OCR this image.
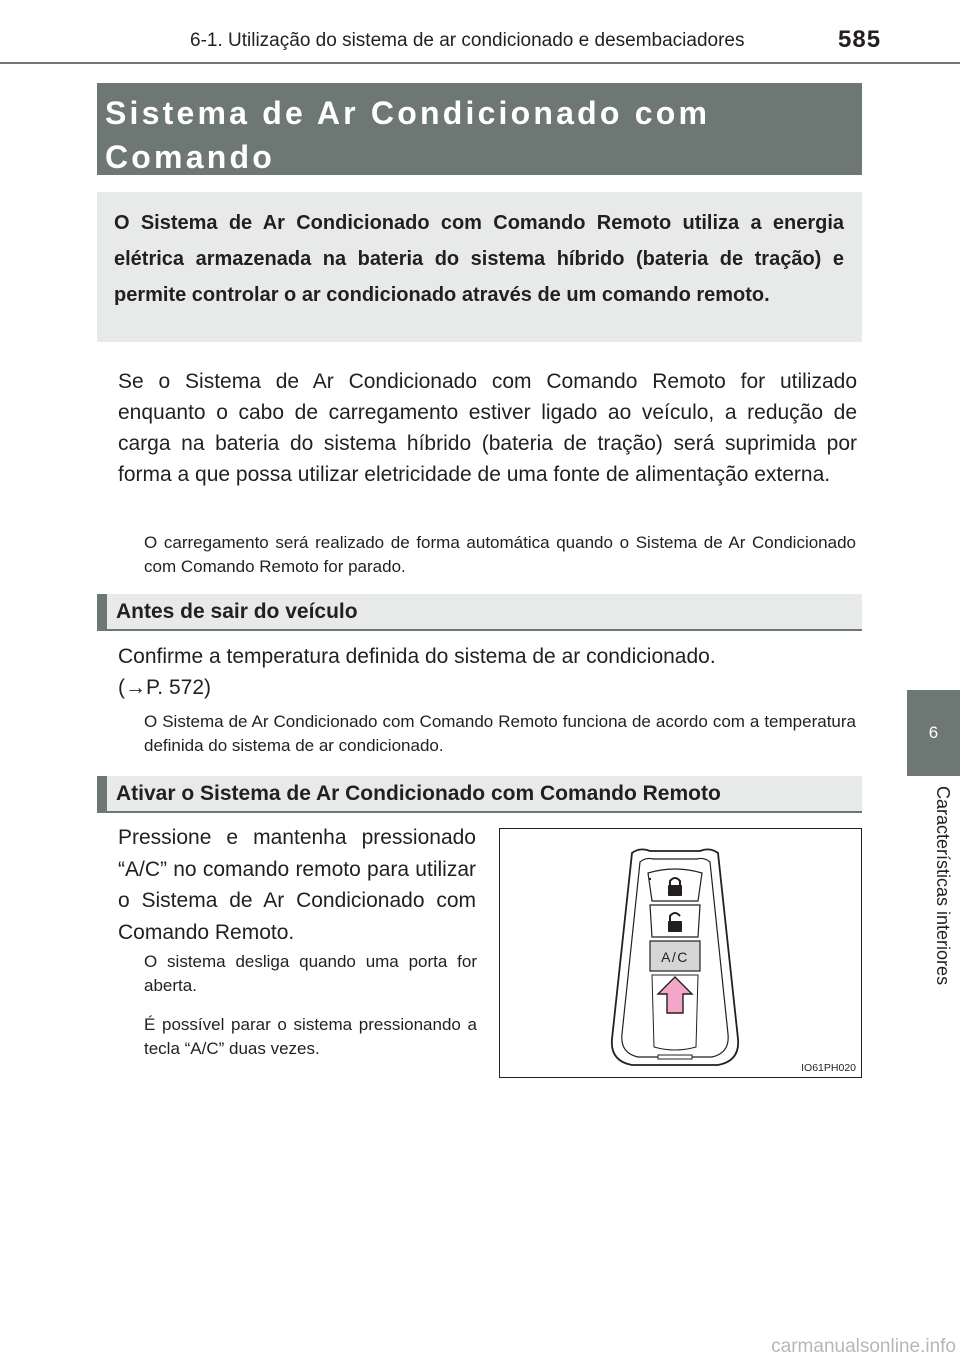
6-1. Utilização do sistema de ar condicionado e desembaciadores	585
6
Características interiores
Sistema de Ar Condicionado com Comando
O Sistema de Ar Condicionado com Comando Remoto utiliza a energia elétrica armazenada na bateria do sistema híbrido (bateria de tração) e permite controlar o ar condicionado através de um comando remoto.
Se o Sistema de Ar Condicionado com Comando Remoto for utilizado enquanto o cabo de carregamento estiver ligado ao veículo, a redução de carga na bateria do sistema híbrido (bateria de tração) será suprimida por forma a que possa utilizar eletricidade de uma fonte de alimentação externa.
O carregamento será realizado de forma automática quando o Sistema de Ar Condicionado com Comando Remoto for parado.
Antes de sair do veículo
Confirme a temperatura definida do sistema de ar condicionado.
(→P. 572)
O Sistema de Ar Condicionado com Comando Remoto funciona de acordo com a temperatura definida do sistema de ar condicionado.
Ativar o Sistema de Ar Condicionado com Comando Remoto
Pressione e mantenha pressionado “A/C” no comando remoto para utilizar o Sistema de Ar Condicionado com Comando Remoto.
O sistema desliga quando uma porta for aberta.
É possível parar o sistema pressionando a tecla “A/C” duas vezes.
A/C
IO61PH020
carmanualsonline.info
